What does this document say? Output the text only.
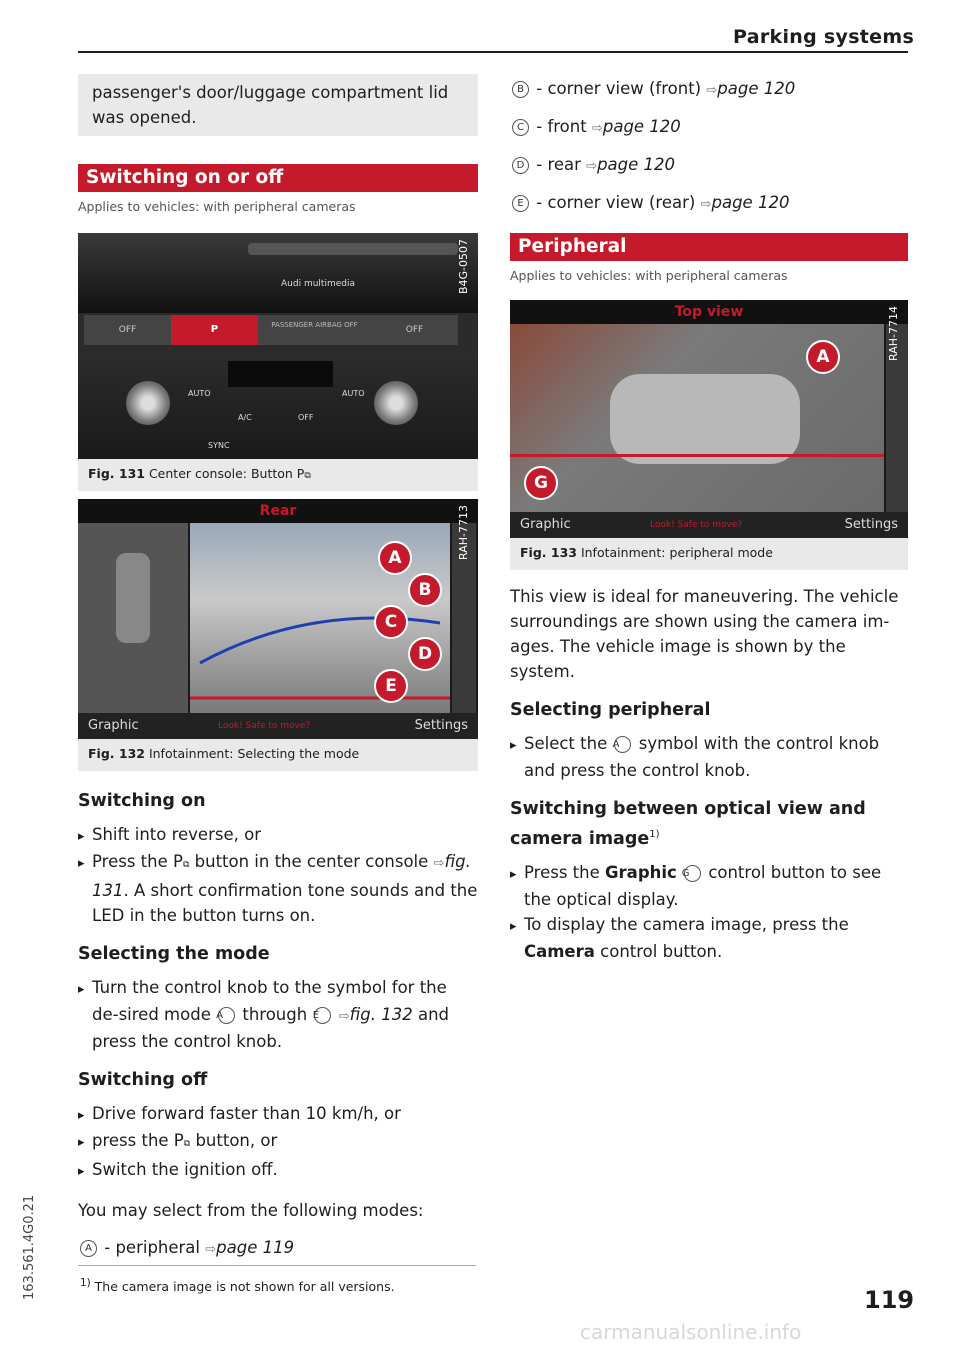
Parking systems
passenger's door/luggage compartment lid was opened.
Switching on or off
Applies to vehicles: with peripheral cameras
Audi multimedia
OFF	P	PASSENGER AIRBAG OFF	OFF
AUTO
A/C	OFF
AUTO
SYNC
B4G-0507
Fig. 131 Center console: Button P⧉
Rear
A
B
C
D
E
Graphic	Look! Safe to move?	Settings
RAH-7713
Fig. 132 Infotainment: Selecting the mode
Switching on
▸ Shift into reverse, or
▸ Press the P⧉ button in the center console ⇨fig. 131. A short confirmation tone sounds and the LED in the button turns on.
Selecting the mode
▸ Turn the control knob to the symbol for the de-sired mode A through E ⇨fig. 132 and press the control knob.
Switching off
▸ Drive forward faster than 10 km/h, or
▸ press the P⧉ button, or
▸ Switch the ignition off.
You may select from the following modes:
A - peripheral ⇨page 119
$^{1)}$ The camera image is not shown for all versions.
B - corner view (front) ⇨page 120
C - front ⇨page 120
D - rear ⇨page 120
E - corner view (rear) ⇨page 120
Peripheral
Applies to vehicles: with peripheral cameras
Top view
A
G
Graphic	Look! Safe to move?	Settings
RAH-7714
Fig. 133 Infotainment: peripheral mode
This view is ideal for maneuvering. The vehicle surroundings are shown using the camera im-ages. The vehicle image is shown by the system.
Selecting peripheral
▸ Select the A symbol with the control knob and press the control knob.
Switching between optical view and camera image$^{1)}$
▸ Press the Graphic G control button to see the optical display.
▸ To display the camera image, press the Camera control button.
119
163.561.4G0.21
carmanualsonline.info
